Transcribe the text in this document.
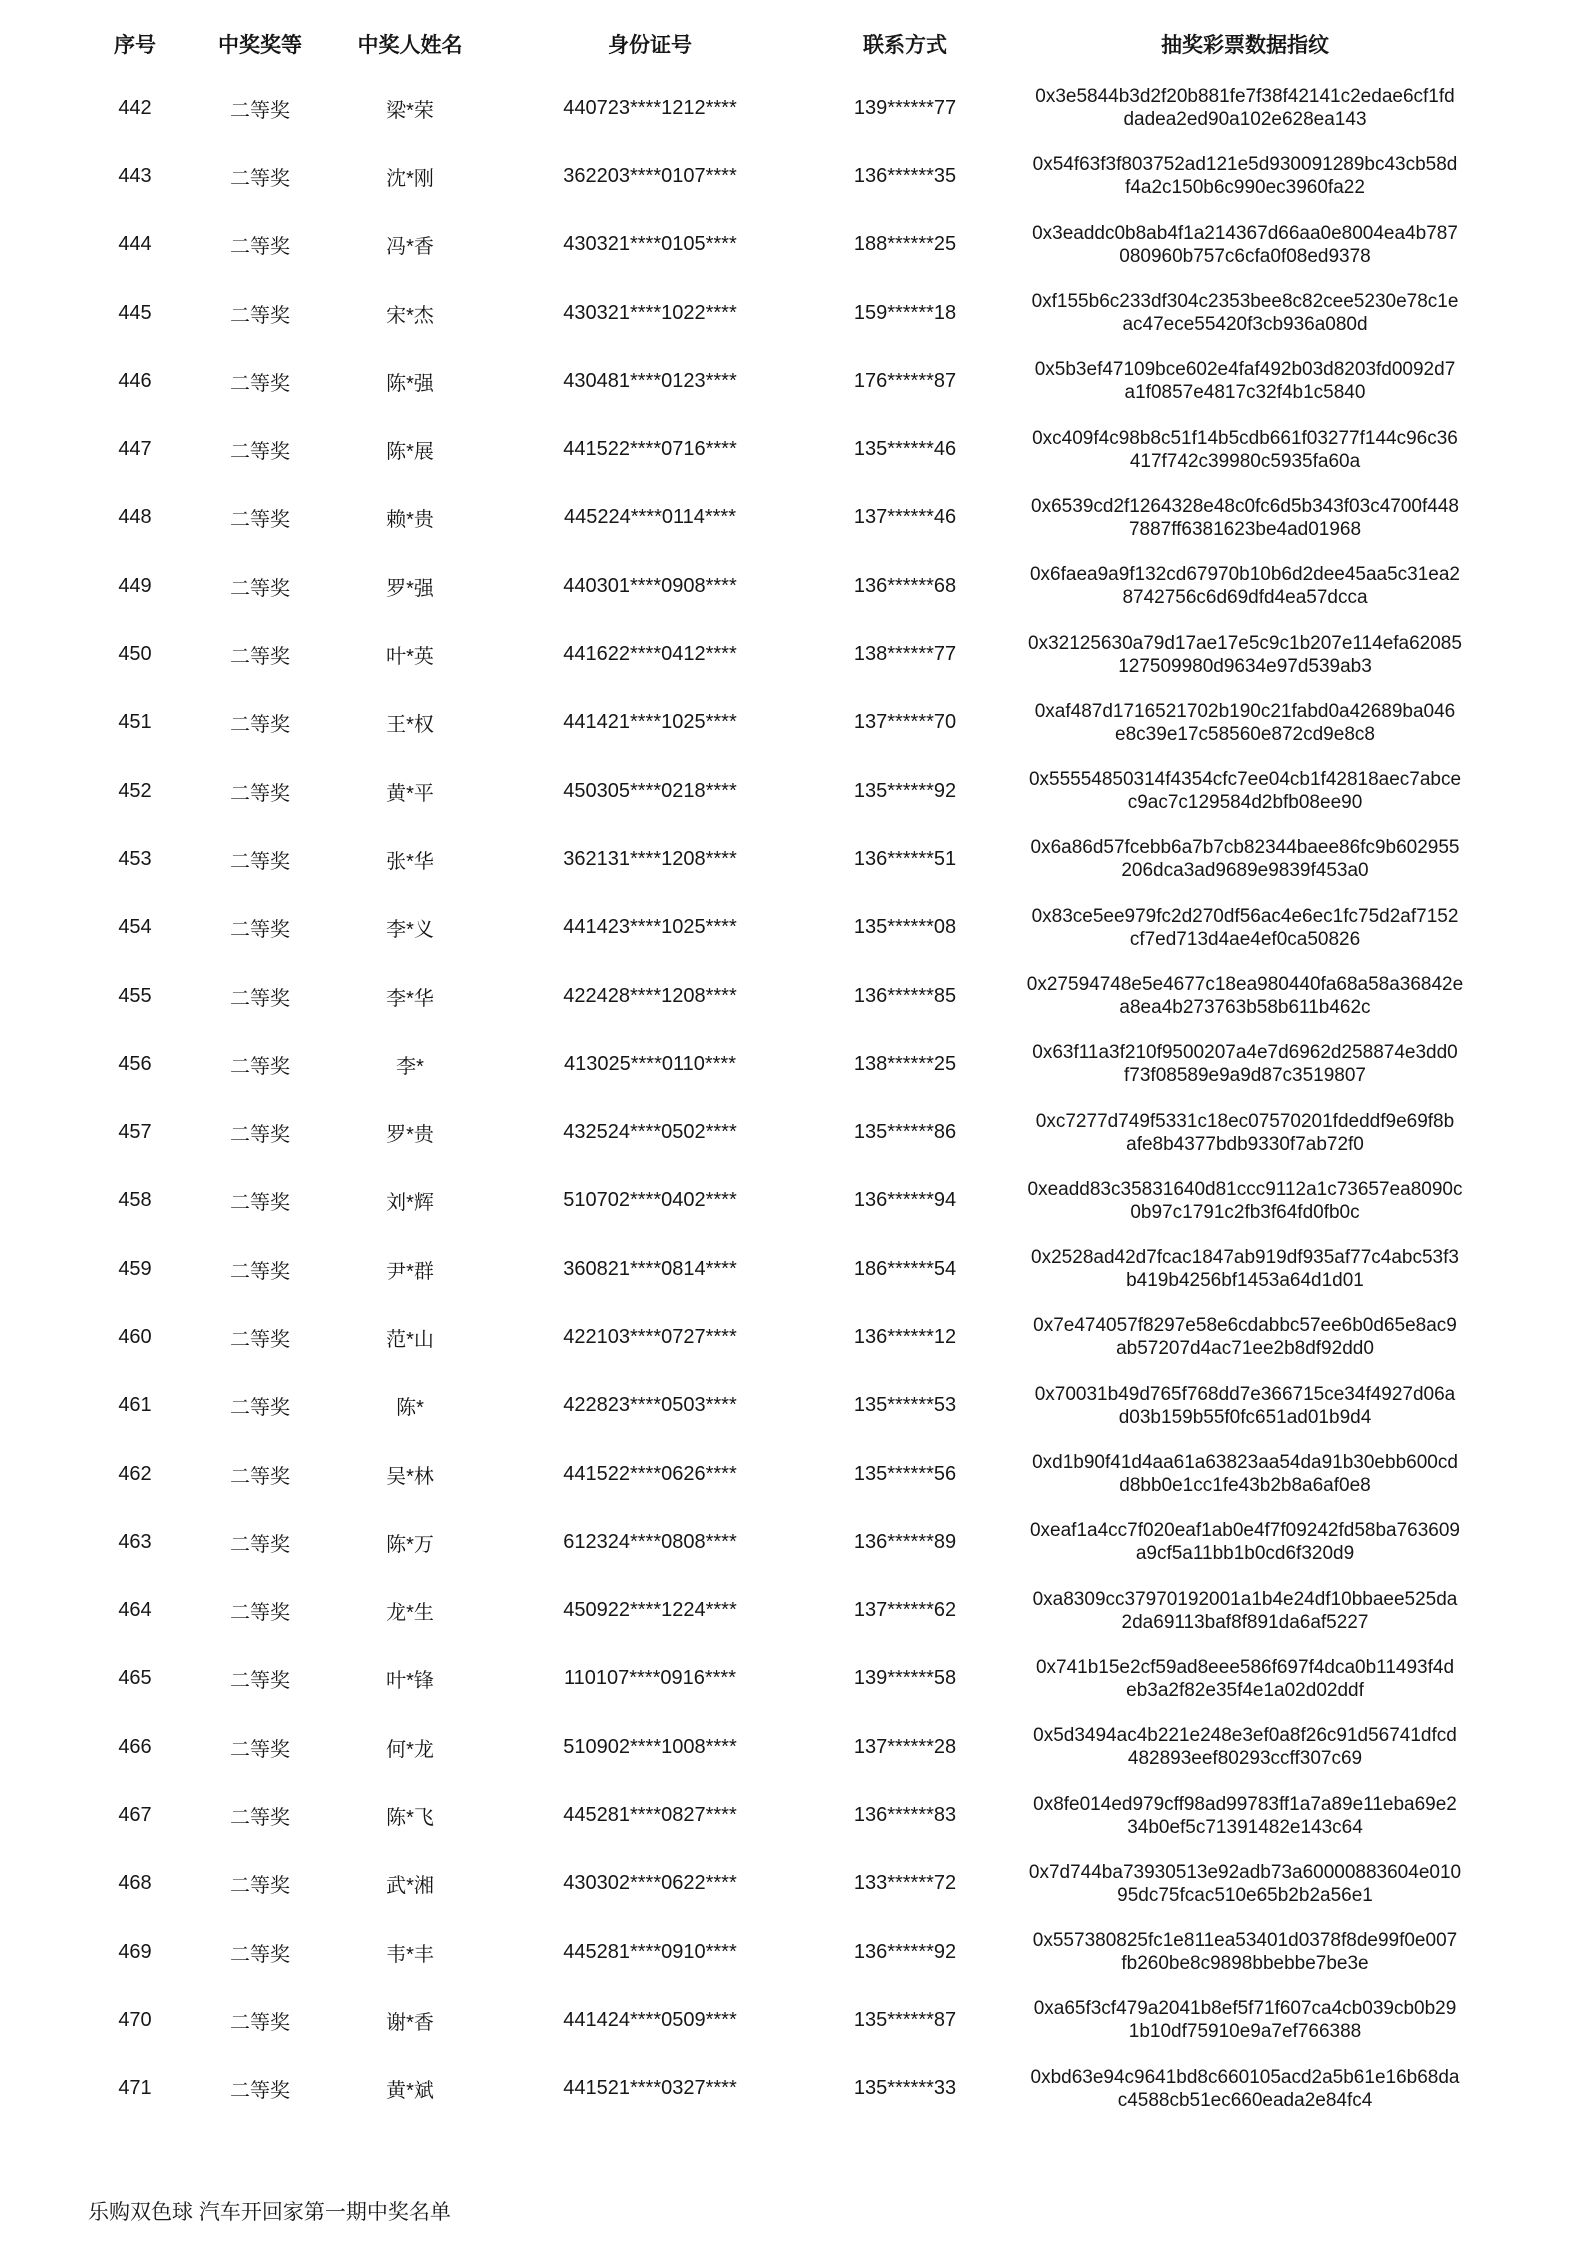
序号	中奖奖等	中奖人姓名	身份证号	联系方式	抽奖彩票数据指纹
442	二等奖	梁*荣	440723****1212****	139******77	0x3e5844b3d2f20b881fe7f38f42141c2edae6cf1fd
dadea2ed90a102e628ea143

443	二等奖	沈*刚	362203****0107****	136******35	0x54f63f3f803752ad121e5d930091289bc43cb58d
f4a2c150b6c990ec3960fa22

444	二等奖	冯*香	430321****0105****	188******25	0x3eaddc0b8ab4f1a214367d66aa0e8004ea4b787
080960b757c6cfa0f08ed9378

445	二等奖	宋*杰	430321****1022****	159******18	0xf155b6c233df304c2353bee8c82cee5230e78c1e
ac47ece55420f3cb936a080d

446	二等奖	陈*强	430481****0123****	176******87	0x5b3ef47109bce602e4faf492b03d8203fd0092d7
a1f0857e4817c32f4b1c5840

447	二等奖	陈*展	441522****0716****	135******46	0xc409f4c98b8c51f14b5cdb661f03277f144c96c36
417f742c39980c5935fa60a

448	二等奖	赖*贵	445224****0114****	137******46	0x6539cd2f1264328e48c0fc6d5b343f03c4700f448
7887ff6381623be4ad01968

449	二等奖	罗*强	440301****0908****	136******68	0x6faea9a9f132cd67970b10b6d2dee45aa5c31ea2
8742756c6d69dfd4ea57dcca

450	二等奖	叶*英	441622****0412****	138******77	0x32125630a79d17ae17e5c9c1b207e114efa62085
127509980d9634e97d539ab3

451	二等奖	王*权	441421****1025****	137******70	0xaf487d1716521702b190c21fabd0a42689ba046
e8c39e17c58560e872cd9e8c8

452	二等奖	黄*平	450305****0218****	135******92	0x55554850314f4354cfc7ee04cb1f42818aec7abce
c9ac7c129584d2bfb08ee90

453	二等奖	张*华	362131****1208****	136******51	0x6a86d57fcebb6a7b7cb82344baee86fc9b602955
206dca3ad9689e9839f453a0

454	二等奖	李*义	441423****1025****	135******08	0x83ce5ee979fc2d270df56ac4e6ec1fc75d2af7152
cf7ed713d4ae4ef0ca50826

455	二等奖	李*华	422428****1208****	136******85	0x27594748e5e4677c18ea980440fa68a58a36842e
a8ea4b273763b58b611b462c

456	二等奖	李*	413025****0110****	138******25	0x63f11a3f210f9500207a4e7d6962d258874e3dd0
f73f08589e9a9d87c3519807

457	二等奖	罗*贵	432524****0502****	135******86	0xc7277d749f5331c18ec07570201fdeddf9e69f8b
afe8b4377bdb9330f7ab72f0

458	二等奖	刘*辉	510702****0402****	136******94	0xeadd83c35831640d81ccc9112a1c73657ea8090c
0b97c1791c2fb3f64fd0fb0c

459	二等奖	尹*群	360821****0814****	186******54	0x2528ad42d7fcac1847ab919df935af77c4abc53f3
b419b4256bf1453a64d1d01

460	二等奖	范*山	422103****0727****	136******12	0x7e474057f8297e58e6cdabbc57ee6b0d65e8ac9
ab57207d4ac71ee2b8df92dd0

461	二等奖	陈*	422823****0503****	135******53	0x70031b49d765f768dd7e366715ce34f4927d06a
d03b159b55f0fc651ad01b9d4

462	二等奖	吴*林	441522****0626****	135******56	0xd1b90f41d4aa61a63823aa54da91b30ebb600cd
d8bb0e1cc1fe43b2b8a6af0e8

463	二等奖	陈*万	612324****0808****	136******89	0xeaf1a4cc7f020eaf1ab0e4f7f09242fd58ba763609
a9cf5a11bb1b0cd6f320d9

464	二等奖	龙*生	450922****1224****	137******62	0xa8309cc37970192001a1b4e24df10bbaee525da
2da69113baf8f891da6af5227

465	二等奖	叶*锋	110107****0916****	139******58	0x741b15e2cf59ad8eee586f697f4dca0b11493f4d
eb3a2f82e35f4e1a02d02ddf

466	二等奖	何*龙	510902****1008****	137******28	0x5d3494ac4b221e248e3ef0a8f26c91d56741dfcd
482893eef80293ccff307c69

467	二等奖	陈*飞	445281****0827****	136******83	0x8fe014ed979cff98ad99783ff1a7a89e11eba69e2
34b0ef5c71391482e143c64

468	二等奖	武*湘	430302****0622****	133******72	0x7d744ba73930513e92adb73a60000883604e010
95dc75fcac510e65b2b2a56e1

469	二等奖	韦*丰	445281****0910****	136******92	0x557380825fc1e811ea53401d0378f8de99f0e007
fb260be8c9898bbebbe7be3e

470	二等奖	谢*香	441424****0509****	135******87	0xa65f3cf479a2041b8ef5f71f607ca4cb039cb0b29
1b10df75910e9a7ef766388

471	二等奖	黄*斌	441521****0327****	135******33	0xbd63e94c9641bd8c660105acd2a5b61e16b68da
c4588cb51ec660eada2e84fc4
乐购双色球 汽车开回家第一期中奖名单
